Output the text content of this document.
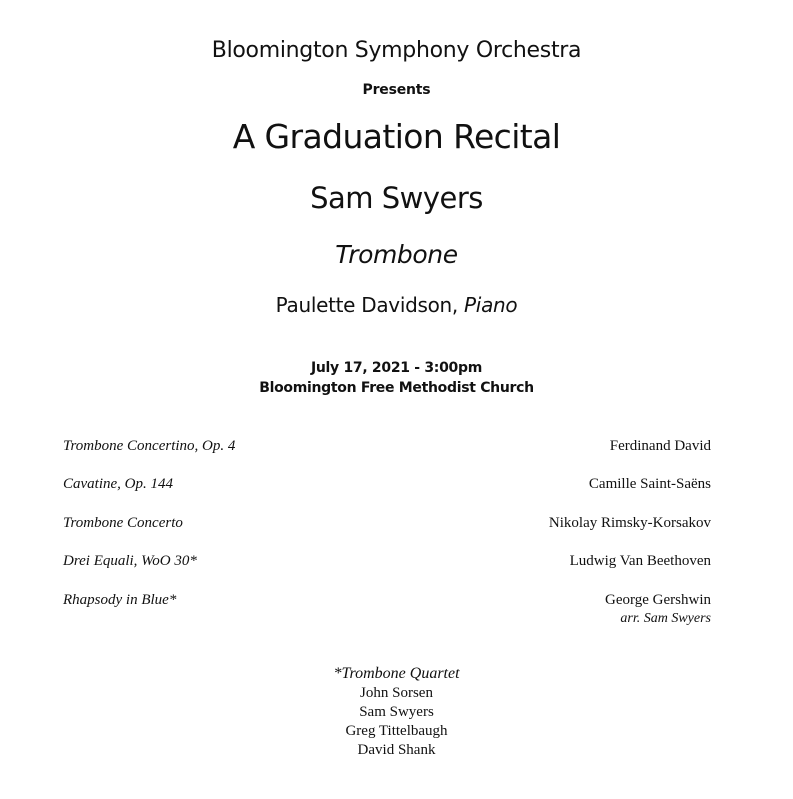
Bloomington Symphony Orchestra
Presents
A Graduation Recital
Sam Swyers
Trombone
Paulette Davidson, Piano
July 17, 2021 - 3:00pm
Bloomington Free Methodist Church
Trombone Concertino, Op. 4	Ferdinand David
Cavatine, Op. 144	Camille Saint-Saëns
Trombone Concerto	Nikolay Rimsky-Korsakov
Drei Equali, WoO 30*	Ludwig Van Beethoven
Rhapsody in Blue*	George Gershwin
arr. Sam Swyers
*Trombone Quartet
John Sorsen
Sam Swyers
Greg Tittelbaugh
David Shank
